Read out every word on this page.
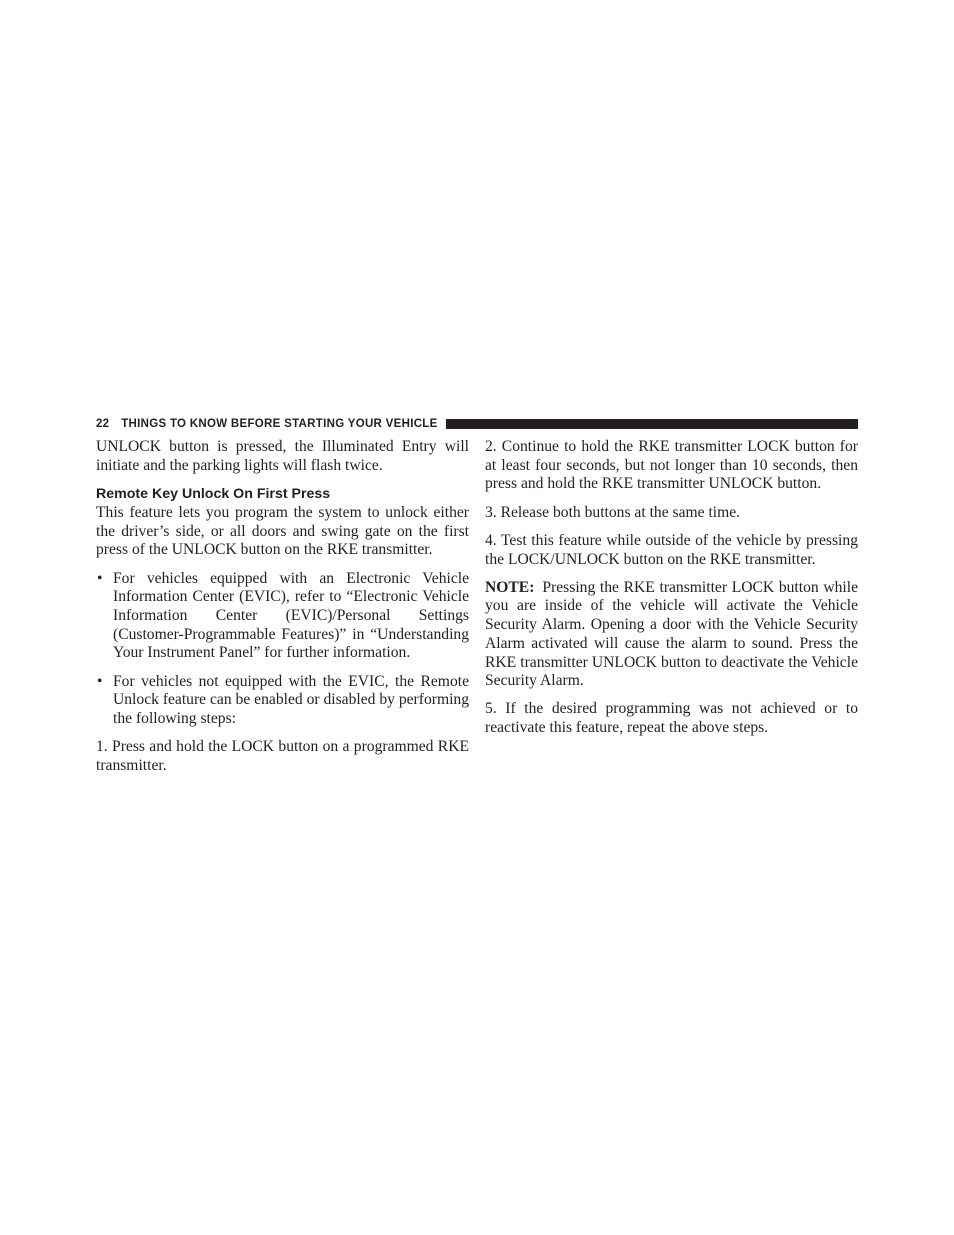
22 THINGS TO KNOW BEFORE STARTING YOUR VEHICLE

UNLOCK button is pressed, the Illuminated Entry will initiate and the parking lights will flash twice.

Remote Key Unlock On First Press

This feature lets you program the system to unlock either the driver’s side, or all doors and swing gate on the first press of the UNLOCK button on the RKE transmitter.

• For vehicles equipped with an Electronic Vehicle Information Center (EVIC), refer to “Electronic Vehicle Information Center (EVIC)/Personal Settings (Customer-Programmable Features)” in “Understanding Your Instrument Panel” for further information.
• For vehicles not equipped with the EVIC, the Remote Unlock feature can be enabled or disabled by performing the following steps:

1. Press and hold the LOCK button on a programmed RKE transmitter.

2. Continue to hold the RKE transmitter LOCK button for at least four seconds, but not longer than 10 seconds, then press and hold the RKE transmitter UNLOCK button.

3. Release both buttons at the same time.

4. Test this feature while outside of the vehicle by pressing the LOCK/UNLOCK button on the RKE transmitter.

NOTE: Pressing the RKE transmitter LOCK button while you are inside of the vehicle will activate the Vehicle Security Alarm. Opening a door with the Vehicle Security Alarm activated will cause the alarm to sound. Press the RKE transmitter UNLOCK button to deactivate the Vehicle Security Alarm.

5. If the desired programming was not achieved or to reactivate this feature, repeat the above steps.
